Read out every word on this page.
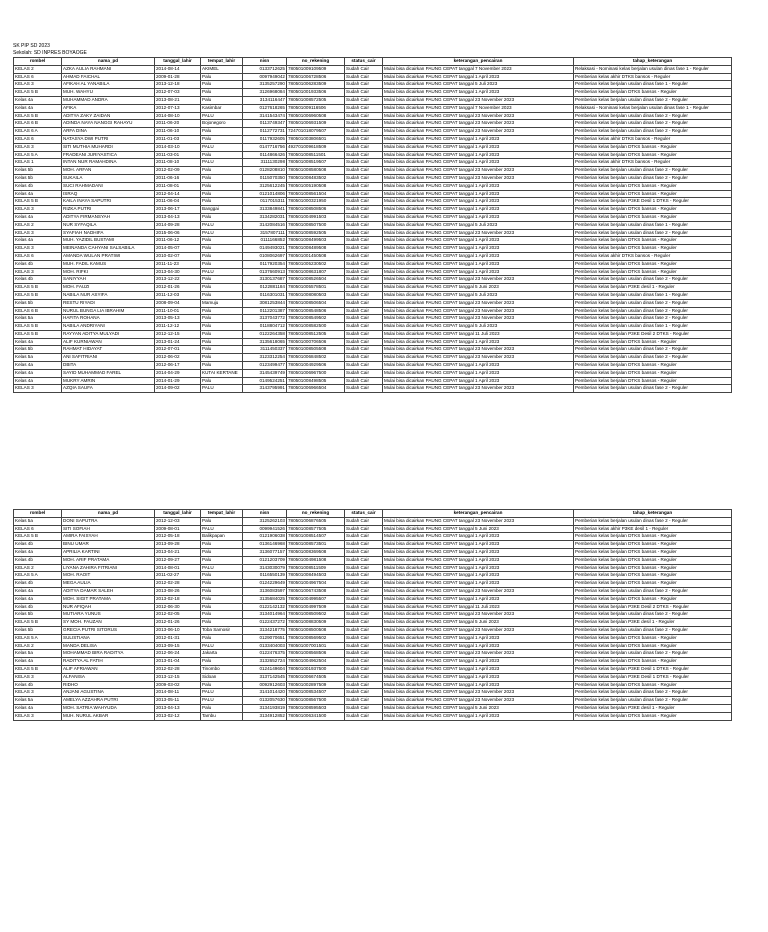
SK PIP SD 2023
Sekolah: SD INPRES BOYAOGE
rombel	nama_pd	tanggal_lahir	tempat_lahir	nisn	no_rekening	status_cair	keterangan_pencairan	tahap_keterangan
KELAS 2	AZKA AULIA RAHMANI	2014-08-14	AKIMEL	0133712625	780501009109509	Sudah Cair	Mulai bisa dicairkan PAUNG CEPAT tanggal 7 November 2023	Relaksasi - Nominasi kelas berjalan usulan dinas fase 1 - Reguler
KELAS 6	AHMAD FAICHAL	2009-01-28	Palu	0097949042	780501006728506	Sudah Cair	Mulai bisa dicairkan PAUNG CEPAT tanggal 1 April 2023	Pemberian kelas akhir DTKS bansos - Reguler
KELAS 3	AFIKAH AL YANABILA	2013-12-18	Palu	3135257290	780501006283509	Sudah Cair	Mulai bisa dicairkan PAUNG CEPAT tanggal 5 Juli 2023	Pemberian kelas berjalan usulan dinas fase 1 - Reguler
KELAS 5 B	MUH. WAHYU	2012-07-03	Palu	3126968084	780501001933506	Sudah Cair	Mulai bisa dicairkan PAUNG CEPAT tanggal 1 April 2023	Pemberian kelas berjalan DTKS bansos - Reguler
Kelas 4a	MUHAMMAD ANDRA	2013-08-21	Palu	3134116447	780501008572505	Sudah Cair	Mulai bisa dicairkan PAUNG CEPAT tanggal 23 November 2023	Pemberian kelas berjalan usulan dinas fase 2 - Reguler
Kelas 4a	AFIKA	2012-07-13	Kasimbar	0127618265	780501009116506	Sudah Cair	Mulai bisa dicairkan PAUNG CEPAT tanggal 7 November 2023	Relaksasi - Nominasi kelas berjalan usulan dinas fase 1 - Reguler
KELAS 5 B	ADITYA ZAKY ZAIDAN	2014-08-10	PALU	3141543474	780501006960508	Sudah Cair	Mulai bisa dicairkan PAUNG CEPAT tanggal 23 November 2023	Pemberian kelas berjalan usulan dinas fase 2 - Reguler
KELAS 6 B	ADINDA NAYA NANGGI RAHAYU	2011-06-20	Bojonegoro	0113749347	780501006931509	Sudah Cair	Mulai bisa dicairkan PAUNG CEPAT tanggal 23 November 2023	Pemberian kelas berjalan usulan dinas fase 2 - Reguler
KELAS 6 A	ARFA DINA	2011-06-10	Palu	0112772731	724701018079507	Sudah Cair	Mulai bisa dicairkan PAUNG CEPAT tanggal 23 November 2023	Pemberian kelas berjalan usulan dinas fase 2 - Reguler
KELAS 6	NATASYA DWI PUTRI	2011-01-03	Palu	0117932605	780501003806501	Sudah Cair	Mulai bisa dicairkan PAUNG CEPAT tanggal 1 April 2023	Pemberian kelas akhir DTKS bansos - Reguler
KELAS 3	SITI MUTHIA MUHARDI	2014-03-10	PALU	0147716756	492701009618509	Sudah Cair	Mulai bisa dicairkan PAUNG CEPAT tanggal 1 April 2023	Pemberian kelas berjalan DTKS bansos - Reguler
KELAS 5 A	FRADEANI JURIYASTICA	2011-03-01	Palu	0114866426	780501008511501	Sudah Cair	Mulai bisa dicairkan PAUNG CEPAT tanggal 1 April 2023	Pemberian kelas berjalan DTKS bansos - Reguler
KELAS 1	INTAN NUR RAMAHDINA	2011-08-10	PALU	3111130298	780501008519507	Sudah Cair	Mulai bisa dicairkan PAUNG CEPAT tanggal 1 April 2023	Pemberian kelas akhir DTKS bansos - Reguler
Kelas 5b	MOH. ARFAN	2012-02-09	Palu	0128208810	780501008580508	Sudah Cair	Mulai bisa dicairkan PAUNG CEPAT tanggal 23 November 2023	Pemberian kelas berjalan usulan dinas fase 2 - Reguler
Kelas 5b	SUKAILA	2011-06-16	Palu	0115070350	780501008483502	Sudah Cair	Mulai bisa dicairkan PAUNG CEPAT tanggal 23 November 2023	Pemberian kelas berjalan usulan dinas fase 2 - Reguler
Kelas 4b	SUCI RAHMADANI	2011-08-01	Palu	3125612245	780501005190508	Sudah Cair	Mulai bisa dicairkan PAUNG CEPAT tanggal 1 April 2023	Pemberian kelas berjalan DTKS bansos - Reguler
Kelas 4a	ISRAQ	2012-04-14	Palu	0121014806	780501008561504	Sudah Cair	Mulai bisa dicairkan PAUNG CEPAT tanggal 1 April 2023	Pemberian kelas berjalan DTKS bansos - Reguler
KELAS 5 B	KAILA INAYA SAPUTRI	2011-06-04	Palu	0117015311	780501000321950	Sudah Cair	Mulai bisa dicairkan PAUNG CEPAT tanggal 1 April 2023	Pemberian kelas berjalan P3KE Desil 1 DTKS - Reguler
KELAS 3	RIZKA PUTRI	2013-06-17	Banggai	3133849841	780501008508506	Sudah Cair	Mulai bisa dicairkan PAUNG CEPAT tanggal 1 April 2023	Pemberian kelas berjalan DTKS bansos - Reguler
Kelas 4a	ADITYA FIRMANSYAH	2013-04-13	Palu	3134282031	780501004991503	Sudah Cair	Mulai bisa dicairkan PAUNG CEPAT tanggal 1 April 2023	Pemberian kelas berjalan DTKS bansos - Reguler
KELAS 2	NUR SYFAQILA	2014-09-28	PALU	3142084516	780501008507500	Sudah Cair	Mulai bisa dicairkan PAUNG CEPAT tanggal 5 Juli 2023	Pemberian kelas berjalan usulan dinas fase 1 - Reguler
KELAS 3	SYAFIAH NADHIFA	2015-06-06	PALU	3157807111	780501008592505	Sudah Cair	Mulai bisa dicairkan PAUNG CEPAT tanggal 23 November 2023	Pemberian kelas berjalan usulan dinas fase 2 - Reguler
Kelas 4a	MUH. YAZIDIL BUSTAMI	2011-06-12	Palu	0111166852	780501008499503	Sudah Cair	Mulai bisa dicairkan PAUNG CEPAT tanggal 1 April 2023	Pemberian kelas berjalan DTKS bansos - Reguler
KELAS 3	MEINANDA CAHYANI SALSABILA	2014-05-07	Palu	0149493021	780501008489508	Sudah Cair	Mulai bisa dicairkan PAUNG CEPAT tanggal 1 April 2023	Pemberian kelas berjalan DTKS bansos - Reguler
KELAS 6	AMANDA WULAN PRATIWI	2010-02-07	Palu	0108062697	780501001450508	Sudah Cair	Mulai bisa dicairkan PAUNG CEPAT tanggal 1 April 2023	Pemberian kelas akhir DTKS bansos - Reguler
Kelas 4b	MUH. FADIL KAMUS	2011-11-23	Palu	0117920354	780501005230502	Sudah Cair	Mulai bisa dicairkan PAUNG CEPAT tanggal 1 April 2023	Pemberian kelas berjalan DTKS bansos - Reguler
KELAS 3	MOH. RIFKI	2013-04-30	PALU	0137660913	780501008631807	Sudah Cair	Mulai bisa dicairkan PAUNG CEPAT tanggal 1 April 2023	Pemberian kelas berjalan DTKS bansos - Reguler
Kelas 4b	SANIYYAH	2013-12-22	Palu	3130137687	780501008526504	Sudah Cair	Mulai bisa dicairkan PAUNG CEPAT tanggal 23 November 2023	Pemberian kelas berjalan usulan dinas fase 2 - Reguler
KELAS 5 B	MOH. FAUZI	2012-01-26	Palu	0122881184	780501005578501	Sudah Cair	Mulai bisa dicairkan PAUNG CEPAT tanggal 5 Juni 2023	Pemberian kelas berjalan P3KE desil 1 - Reguler
KELAS 5 B	NABILA NUR ASYIFA	2011-12-03	Palu	0116301031	780501008080503	Sudah Cair	Mulai bisa dicairkan PAUNG CEPAT tanggal 5 Juli 2023	Pemberian kelas berjalan usulan dinas fase 1 - Reguler
Kelas 5b	RESTU RIYADI	2008-09-04	Mamuju	3081253844	780501008506504	Sudah Cair	Mulai bisa dicairkan PAUNG CEPAT tanggal 23 November 2023	Pemberian kelas berjalan usulan dinas fase 2 - Reguler
KELAS 6 B	NURUL BUNGA LIA IBRAHIM	2011-10-01	Palu	0112201387	780501008548506	Sudah Cair	Mulai bisa dicairkan PAUNG CEPAT tanggal 23 November 2023	Pemberian kelas berjalan usulan dinas fase 2 - Reguler
Kelas 5a	HAFITA ROHANA	2013-05-13	Palu	3137043772	780501008549502	Sudah Cair	Mulai bisa dicairkan PAUNG CEPAT tanggal 23 November 2023	Pemberian kelas berjalan usulan dinas fase 2 - Reguler
KELAS 5 B	NABILA ANDRIYANI	2011-12-12	Palu	0118804712	780501008582500	Sudah Cair	Mulai bisa dicairkan PAUNG CEPAT tanggal 5 Juli 2023	Pemberian kelas berjalan usulan dinas fase 1 - Reguler
KELAS 5 B	RAYYAN ADITYA MULYADI	2012-12-15	Palu	0122264358	780501008512505	Sudah Cair	Mulai bisa dicairkan PAUNG CEPAT tanggal 11 Juli 2023	Pemberian kelas berjalan P3KE Desil 2 DTKS - Reguler
Kelas 4a	ALIF KURNIAWAN	2013-01-24	Palu	3135618065	780501000706506	Sudah Cair	Mulai bisa dicairkan PAUNG CEPAT tanggal 1 April 2023	Pemberian kelas berjalan DTKS bansos - Reguler
Kelas 5b	RAHMAT HIDAYAT	2012-07-01	Palu	3111450337	780501008505508	Sudah Cair	Mulai bisa dicairkan PAUNG CEPAT tanggal 23 November 2023	Pemberian kelas berjalan usulan dinas fase 2 - Reguler
Kelas 5a	ANI SAFITRIANI	2012-06-02	Palu	3123312254	780501006848502	Sudah Cair	Mulai bisa dicairkan PAUNG CEPAT tanggal 23 November 2023	Pemberian kelas berjalan usulan dinas fase 2 - Reguler
Kelas 4a	DBITA	2012-06-17	Palu	0123499477	780501004929506	Sudah Cair	Mulai bisa dicairkan PAUNG CEPAT tanggal 1 April 2023	Pemberian kelas berjalan DTKS bansos - Reguler
Kelas 4a	SAYID MUHAMMAD FAREL	2014-04-29	KUTAI KERTANE	3145439749	780501006967500	Sudah Cair	Mulai bisa dicairkan PAUNG CEPAT tanggal 1 April 2023	Pemberian kelas berjalan DTKS bansos - Reguler
Kelas 4a	MUKRY AMRIN	2014-01-29	Palu	0149524251	780501008498505	Sudah Cair	Mulai bisa dicairkan PAUNG CEPAT tanggal 1 April 2023	Pemberian kelas berjalan DTKS bansos - Reguler
KELAS 3	AZQIA SAUFA	2014-09-02	PALU	3143795991	780501006966504	Sudah Cair	Mulai bisa dicairkan PAUNG CEPAT tanggal 23 November 2023	Pemberian kelas berjalan usulan dinas fase 2 - Reguler
rombel	nama_pd	tanggal_lahir	tempat_lahir	nisn	no_rekening	status_cair	keterangan_pencairan	tahap_keterangan
Kelas 5a	DONI SAPUTRA	2012-12-03	Palu	3125262103	780501006876505	Sudah Cair	Mulai bisa dicairkan PAUNG CEPAT tanggal 23 November 2023	Pemberian kelas berjalan usulan dinas fase 2 - Reguler
KELAS 6	SITI SOFIAH	2009-08-01	PALU	0099941526	780501008577505	Sudah Cair	Mulai bisa dicairkan PAUNG CEPAT tanggal 5 Juni 2023	Pemberian kelas akhir P3KE desil 1 - Reguler
KELAS 5 B	AMIRA FAISYAH	2012-05-18	Balikpapan	0121906038	780501008514507	Sudah Cair	Mulai bisa dicairkan PAUNG CEPAT tanggal 1 April 2023	Pemberian kelas berjalan DTKS bansos - Reguler
Kelas 4b	BINU UMAR	2013-09-28	Palu	0136146968	780501008573501	Sudah Cair	Mulai bisa dicairkan PAUNG CEPAT tanggal 1 April 2023	Pemberian kelas berjalan DTKS bansos - Reguler
Kelas 4a	APRILIA KARTINI	2013-04-21	Palu	3136077157	780501008369508	Sudah Cair	Mulai bisa dicairkan PAUNG CEPAT tanggal 1 April 2023	Pemberian kelas berjalan DTKS bansos - Reguler
Kelas 4b	MOH. ARIF PRATAMA	2012-09-27	Palu	0121203709	780501004981508	Sudah Cair	Mulai bisa dicairkan PAUNG CEPAT tanggal 1 April 2023	Pemberian kelas berjalan DTKS bansos - Reguler
KELAS 2	LIYANA ZAHIRA FITRIANI	2014-08-01	PALU	3143030079	780501008511509	Sudah Cair	Mulai bisa dicairkan PAUNG CEPAT tanggal 1 April 2023	Pemberian kelas berjalan DTKS bansos - Reguler
KELAS 5 A	MOH. RAOIT	2011-02-27	Palu	0116550139	780501008494503	Sudah Cair	Mulai bisa dicairkan PAUNG CEPAT tanggal 1 April 2023	Pemberian kelas berjalan DTKS bansos - Reguler
Kelas 4b	MEGA AULIA	2012-02-28	Palu	0124229649	780501004967504	Sudah Cair	Mulai bisa dicairkan PAUNG CEPAT tanggal 1 April 2023	Pemberian kelas berjalan DTKS bansos - Reguler
Kelas 4a	ADITYA DAMAR SALEH	2013-08-26	Palu	3136083597	780501006743508	Sudah Cair	Mulai bisa dicairkan PAUNG CEPAT tanggal 23 November 2023	Pemberian kelas berjalan usulan dinas fase 2 - Reguler
Kelas 4a	MOH. SIGIT PRATAMA	2013-02-18	Palu	3135684025	780501004995507	Sudah Cair	Mulai bisa dicairkan PAUNG CEPAT tanggal 1 April 2023	Pemberian kelas berjalan DTKS bansos - Reguler
Kelas 4b	NUR AFIQAH	2012-06-30	Palu	0122142132	780501004997509	Sudah Cair	Mulai bisa dicairkan PAUNG CEPAT tanggal 11 Juli 2023	Pemberian kelas berjalan P3KE Desil 2 DTKS - Reguler
Kelas 5b	MUTIARA YUNUS	2012-02-05	Palu	3134014964	780501008509502	Sudah Cair	Mulai bisa dicairkan PAUNG CEPAT tanggal 23 November 2023	Pemberian kelas berjalan usulan dinas fase 2 - Reguler
KELAS 5 B	SY MOH. FAUZAN	2012-01-26	Palu	0122437272	780501008830509	Sudah Cair	Mulai bisa dicairkan PAUNG CEPAT tanggal 5 Juni 2023	Pemberian kelas berjalan P3KE desil 1 - Reguler
Kelas 5b	GRECIA PUTRI SITORUS	2013-06-10	Toba Samosir	3134218775	780501008500508	Sudah Cair	Mulai bisa dicairkan PAUNG CEPAT tanggal 23 November 2023	Pemberian kelas berjalan usulan dinas fase 2 - Reguler
KELAS 5 A	SULISTIANA	2012-01-31	Palu	0129070651	780501008569502	Sudah Cair	Mulai bisa dicairkan PAUNG CEPAT tanggal 1 April 2023	Pemberian kelas berjalan DTKS bansos - Reguler
KELAS 2	MANDA DELISA	2013-09-15	PALU	0133404003	780501007001501	Sudah Cair	Mulai bisa dicairkan PAUNG CEPAT tanggal 1 April 2023	Pemberian kelas berjalan DTKS bansos - Reguler
Kelas 5a	MOHAMMAD BIRA RADITYA	2012-06-24	Jakarta	0122476375	780501008568506	Sudah Cair	Mulai bisa dicairkan PAUNG CEPAT tanggal 23 November 2023	Pemberian kelas berjalan usulan dinas fase 2 - Reguler
Kelas 4a	RADITYA AL FATIH	2013-01-04	Palu	3132652724	780501004962504	Sudah Cair	Mulai bisa dicairkan PAUNG CEPAT tanggal 1 April 2023	Pemberian kelas berjalan DTKS bansos - Reguler
KELAS 5 B	ALIF AFRIAWAN	2012-02-28	Tinombo	0124149604	780501001937500	Sudah Cair	Mulai bisa dicairkan PAUNG CEPAT tanggal 1 April 2023	Pemberian kelas berjalan P3KE Desil 1 DTKS - Reguler
KELAS 3	ALFANISA	2013-12-15	Sidoan	3137142545	780501006674505	Sudah Cair	Mulai bisa dicairkan PAUNG CEPAT tanggal 1 April 2023	Pemberian kelas berjalan P3KE Desil 1 DTKS - Reguler
Kelas 4b	RIDHO	2009-03-02	Palu	0092912603	780501002897509	Sudah Cair	Mulai bisa dicairkan PAUNG CEPAT tanggal 1 April 2023	Pemberian kelas berjalan DTKS bansos - Reguler
KELAS 3	ANJANI AGUSTINA	2014-08-11	PALU	3141014420	780501008534507	Sudah Cair	Mulai bisa dicairkan PAUNG CEPAT tanggal 23 November 2023	Pemberian kelas berjalan usulan dinas fase 2 - Reguler
Kelas 5a	AMELYA AZZAHRA PUTRI	2013-05-11	PALU	0132057630	780501008567500	Sudah Cair	Mulai bisa dicairkan PAUNG CEPAT tanggal 23 November 2023	Pemberian kelas berjalan usulan dinas fase 2 - Reguler
Kelas 4a	MOH. SATRIA WAHYUDA	2013-04-13	Palu	3134193819	780501008595503	Sudah Cair	Mulai bisa dicairkan PAUNG CEPAT tanggal 5 Juni 2023	Pemberian kelas berjalan P3KE desil 1 - Reguler
KELAS 3	MUH. NURUL AKBAR	2013-02-12	Tambu	3134912852	780501006341500	Sudah Cair	Mulai bisa dicairkan PAUNG CEPAT tanggal 1 April 2023	Pemberian kelas berjalan DTKS bansos - Reguler
